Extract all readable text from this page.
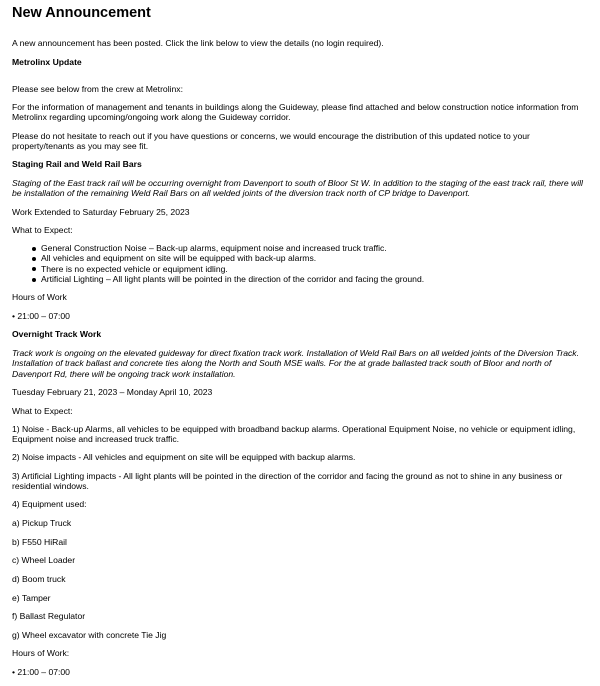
New Announcement

A new announcement has been posted. Click the link below to view the details (no login required).

Metrolinx Update

Please see below from the crew at Metrolinx:

For the information of management and tenants in buildings along the Guideway, please find attached and below construction notice information from Metrolinx regarding upcoming/ongoing work along the Guideway corridor.

Please do not hesitate to reach out if you have questions or concerns, we would encourage the distribution of this updated notice to your property/tenants as you may see fit.

Staging Rail and Weld Rail Bars

Staging of the East track rail will be occurring overnight from Davenport to south of Bloor St W. In addition to the staging of the east track rail, there will be installation of the remaining Weld Rail Bars on all welded joints of the diversion track north of CP bridge to Davenport.

Work Extended to Saturday February 25, 2023

What to Expect:

General Construction Noise – Back-up alarms, equipment noise and increased truck traffic.
All vehicles and equipment on site will be equipped with back-up alarms.
There is no expected vehicle or equipment idling.
Artificial Lighting – All light plants will be pointed in the direction of the corridor and facing the ground.

Hours of Work

• 21:00 – 07:00

Overnight Track Work

Track work is ongoing on the elevated guideway for direct fixation track work. Installation of Weld Rail Bars on all welded joints of the Diversion Track. Installation of track ballast and concrete ties along the North and South MSE walls. For the at grade ballasted track south of Bloor and north of Davenport Rd, there will be ongoing track work installation.

Tuesday February 21, 2023 – Monday April 10, 2023

What to Expect:

1) Noise - Back-up Alarms, all vehicles to be equipped with broadband backup alarms. Operational Equipment Noise, no vehicle or equipment idling, Equipment noise and increased truck traffic.

2) Noise impacts - All vehicles and equipment on site will be equipped with backup alarms.

3) Artificial Lighting impacts - All light plants will be pointed in the direction of the corridor and facing the ground as not to shine in any business or residential windows.

4) Equipment used:

a) Pickup Truck

b) F550 HiRail

c) Wheel Loader

d) Boom truck

e) Tamper

f) Ballast Regulator

g) Wheel excavator with concrete Tie Jig

Hours of Work:

• 21:00 – 07:00
